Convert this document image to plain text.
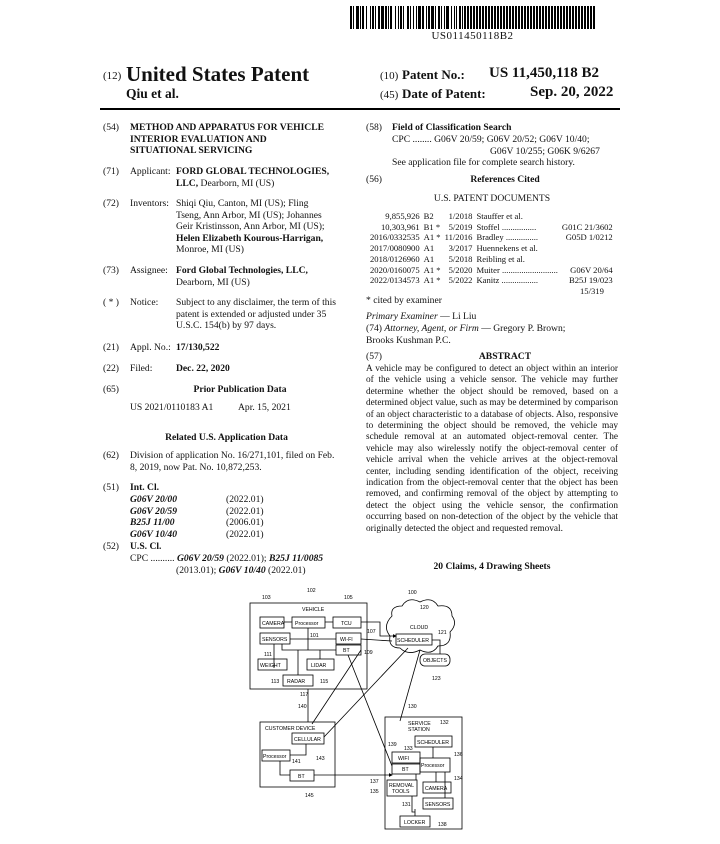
US011450118B2
(12) United States Patent
Qiu et al.
(10) Patent No.: US 11,450,118 B2
(45) Date of Patent:	Sep. 20, 2022
(54) METHOD AND APPARATUS FOR VEHICLE
INTERIOR EVALUATION AND
SITUATIONAL SERVICING
(71) Applicant: FORD GLOBAL TECHNOLOGIES,
LLC, Dearborn, MI (US)
(72) Inventors: Shiqi Qiu, Canton, MI (US); Fling
Tseng, Ann Arbor, MI (US); Johannes
Geir Kristinsson, Ann Arbor, MI (US);
Helen Elizabeth Kourous-Harrigan,
Monroe, MI (US)
(73) Assignee: Ford Global Technologies, LLC,
Dearborn, MI (US)
( * ) Notice: Subject to any disclaimer, the term of this
patent is extended or adjusted under 35
U.S.C. 154(b) by 97 days.
(21) Appl. No.: 17/130,522
(22) Filed: Dec. 22, 2020
(65)	Prior Publication Data
US 2021/0110183 A1	Apr. 15, 2021
Related U.S. Application Data
(62) Division of application No. 16/271,101, filed on Feb.
8, 2019, now Pat. No. 10,872,253.
(51) Int. Cl.
G06V 20/00	(2022.01)
G06V 20/59	(2022.01)
B25J 11/00	(2006.01)
G06V 10/40	(2022.01)
(52) U.S. Cl.
CPC .......... G06V 20/59 (2022.01); B25J 11/0085
(2013.01); G06V 10/40 (2022.01)
(58) Field of Classification Search
CPC ........ G06V 20/59; G06V 20/52; G06V 10/40;
G06V 10/255; G06K 9/6267
See application file for complete search history.
(56)	References Cited
U.S. PATENT DOCUMENTS
9,855,926	B2	1/2018	Stauffer et al.	
10,303,961	B1 *	5/2019	Stoffel ................	G01C 21/3602
2016/0332535	A1 *	11/2016	Bradley ...............	G05D 1/0212
2017/0080900	A1	3/2017	Huennekens et al.	
2018/0126960	A1	5/2018	Reibling et al.	
2020/0160075	A1 *	5/2020	Muiter ..........................	G06V 20/64
2022/0134573	A1 *	5/2022	Kanitz .................	B25J 19/023
15/319
* cited by examiner
Primary Examiner — Li Liu
(74) Attorney, Agent, or Firm — Gregory P. Brown;
Brooks Kushman P.C.
(57)	ABSTRACT
A vehicle may be configured to detect an object within an interior of the vehicle using a vehicle sensor. The vehicle may further determine whether the object should be removed, based on a determined object value, such as may be determined by comparison of an object characteristic to a database of objects. Also, responsive to determining the object should be removed, the vehicle may schedule removal at an automated object-removal center. The vehicle may also wirelessly notify the object-removal center of vehicle arrival when the vehicle arrives at the object-removal center, including sending identification of the object, receiving indication from the object-removal center that the object has been removed, and confirming removal of the object by attempting to detect the object using the vehicle sensor, the confirmation occurring based on non-detection of the object by the vehicle that originally detected the object and requested removal.
20 Claims, 4 Drawing Sheets
100
102
VEHICLE
103	105
CAMERA Processor	TCU
SENSORS
101
WI-FI
107
BT	109
111
WEIGHT	LIDAR
113 RADAR	115
117
120
CLOUD
SCHEDULER
121
OBJECTS
123
140
CUSTOMER DEVICE
CELLULAR
Processor
141	143
BT
145
130
SERVICE
STATION
132
SCHEDULER
139
133
136
WIFI
Processor
BT
137
135
REMOVAL
TOOLS	CAMERA
131	SENSORS
LOCKER 138
134
